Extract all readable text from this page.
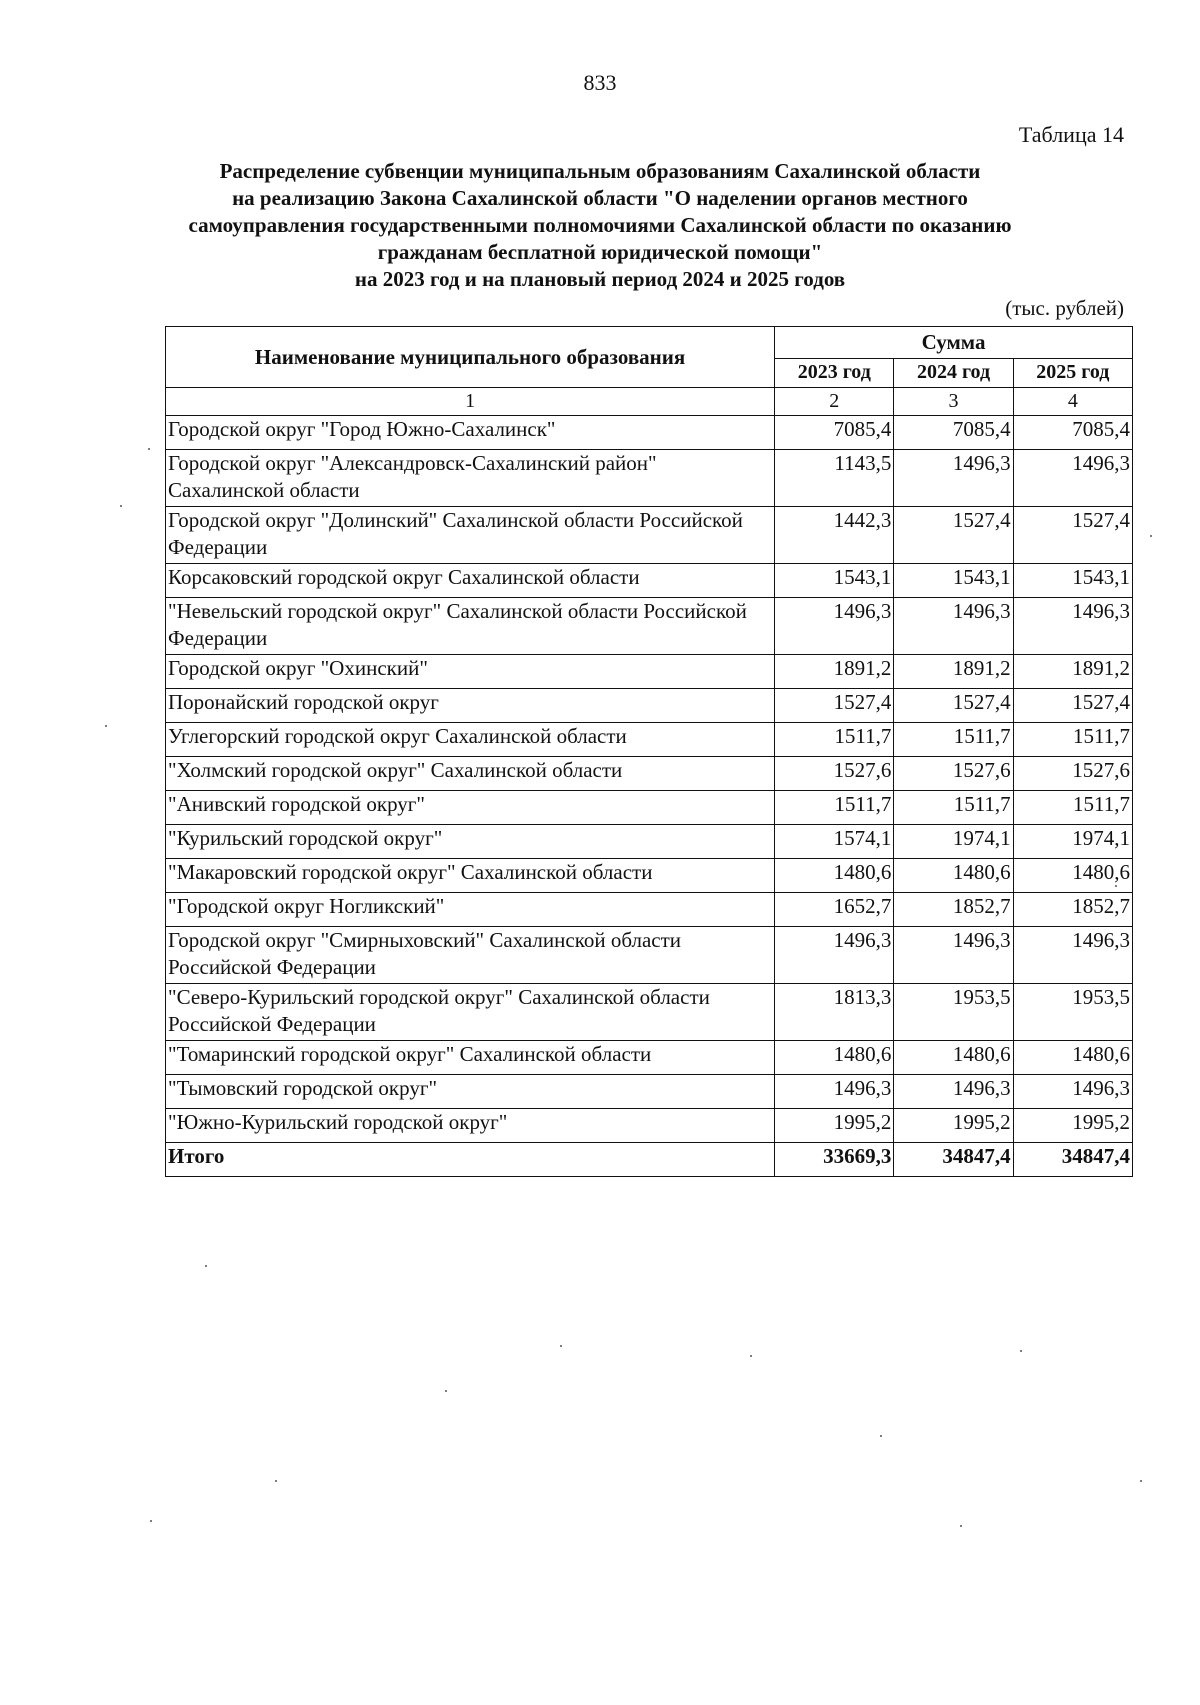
833
Таблица 14
Распределение субвенции муниципальным образованиям Сахалинской области
на реализацию Закона Сахалинской области "О наделении органов местного
самоуправления государственными полномочиями Сахалинской области по оказанию
гражданам бесплатной юридической помощи"
на 2023 год и на плановый период 2024 и 2025 годов
(тыс. рублей)
Наименование муниципального образования	Сумма		
	2023 год	2024 год	2025 год
1	2	3	4
Городской округ "Город Южно-Сахалинск"	7085,4	7085,4	7085,4
Городской округ "Александровск-Сахалинский район" Сахалинской области	1143,5	1496,3	1496,3
Городской округ "Долинский" Сахалинской области Российской Федерации	1442,3	1527,4	1527,4
Корсаковский городской округ Сахалинской области	1543,1	1543,1	1543,1
"Невельский городской округ" Сахалинской области Российской Федерации	1496,3	1496,3	1496,3
Городской округ "Охинский"	1891,2	1891,2	1891,2
Поронайский городской округ	1527,4	1527,4	1527,4
Углегорский городской округ Сахалинской области	1511,7	1511,7	1511,7
"Холмский городской округ" Сахалинской области	1527,6	1527,6	1527,6
"Анивский городской округ"	1511,7	1511,7	1511,7
"Курильский городской округ"	1574,1	1974,1	1974,1
"Макаровский городской округ" Сахалинской области	1480,6	1480,6	1480,6
"Городской округ Ногликский"	1652,7	1852,7	1852,7
Городской округ "Смирныховский" Сахалинской области Российской Федерации	1496,3	1496,3	1496,3
"Северо-Курильский городской округ" Сахалинской области Российской Федерации	1813,3	1953,5	1953,5
"Томаринский городской округ" Сахалинской области	1480,6	1480,6	1480,6
"Тымовский городской округ"	1496,3	1496,3	1496,3
"Южно-Курильский городской округ"	1995,2	1995,2	1995,2
Итого	33669,3	34847,4	34847,4
